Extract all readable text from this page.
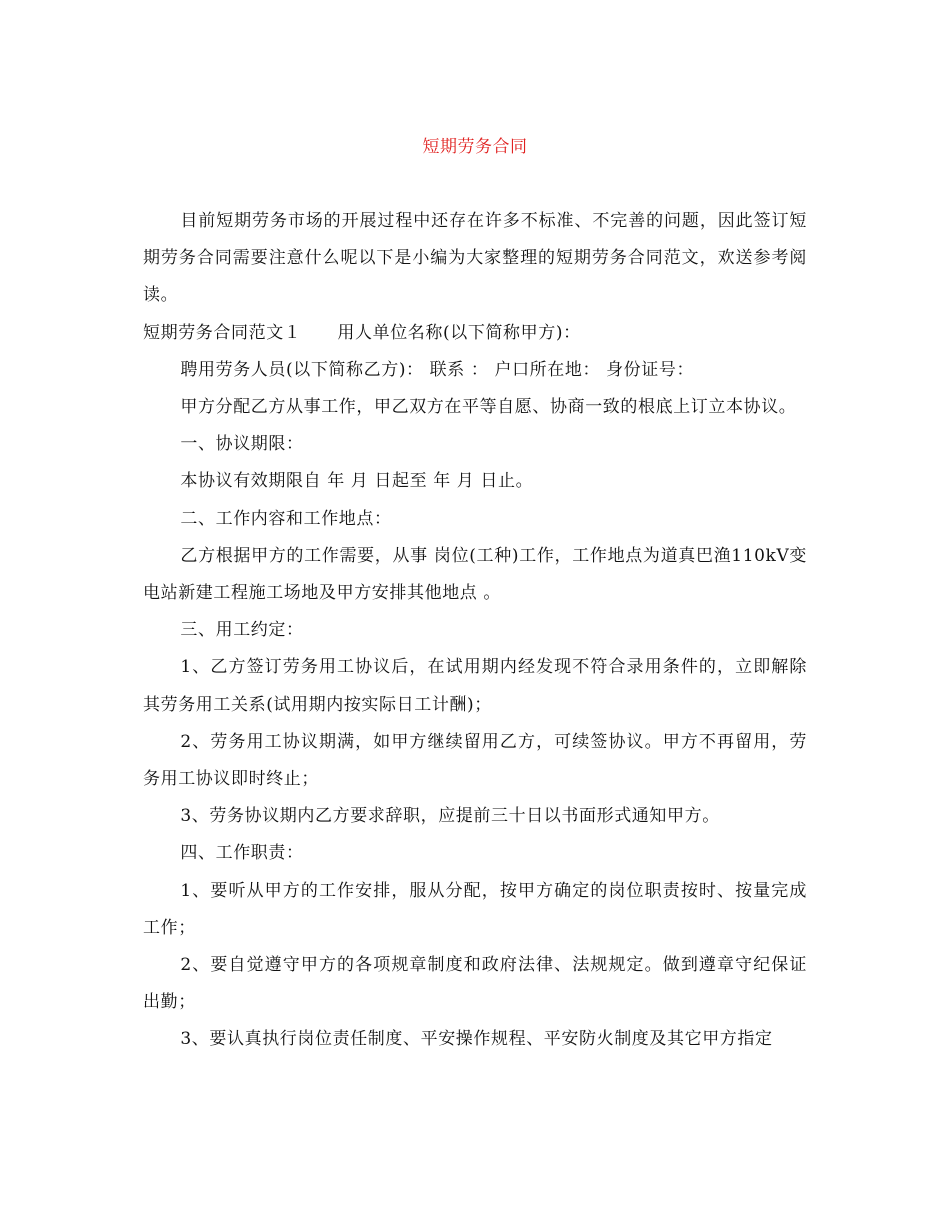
短期劳务合同

目前短期劳务市场的开展过程中还存在许多不标准、不完善的问题，因此签订短期劳务合同需要注意什么呢以下是小编为大家整理的短期劳务合同范文，欢送参考阅读。

短期劳务合同范文１ 用人单位名称(以下简称甲方)：

聘用劳务人员(以下简称乙方)： 联系 ： 户口所在地： 身份证号：

甲方分配乙方从事工作，甲乙双方在平等自愿、协商一致的根底上订立本协议。

一、协议期限：

本协议有效期限自 年 月 日起至 年 月 日止。

二、工作内容和工作地点：

乙方根据甲方的工作需要，从事 岗位(工种)工作，工作地点为道真巴渔110kV变电站新建工程施工场地及甲方安排其他地点 。

三、用工约定：

1、乙方签订劳务用工协议后，在试用期内经发现不符合录用条件的，立即解除其劳务用工关系(试用期内按实际日工计酬)；

2、劳务用工协议期满，如甲方继续留用乙方，可续签协议。甲方不再留用，劳务用工协议即时终止；

3、劳务协议期内乙方要求辞职，应提前三十日以书面形式通知甲方。

四、工作职责：

1、要听从甲方的工作安排，服从分配，按甲方确定的岗位职责按时、按量完成工作；

2、要自觉遵守甲方的各项规章制度和政府法律、法规规定。做到遵章守纪保证出勤；

3、要认真执行岗位责任制度、平安操作规程、平安防火制度及其它甲方指定
